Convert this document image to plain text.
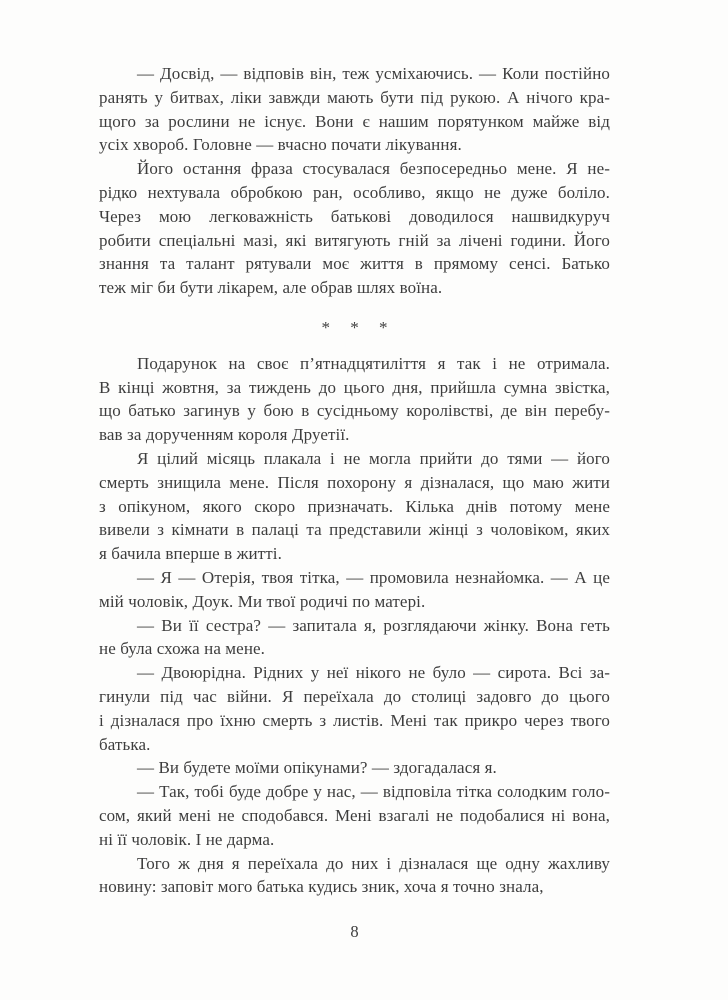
— Досвід, — відповів він, теж усміхаючись. — Коли постійно
ранять у битвах, ліки завжди мають бути під рукою. А нічого кра-
щого за рослини не існує. Вони є нашим порятунком майже від
усіх хвороб. Головне — вчасно почати лікування.
Його остання фраза стосувалася безпосередньо мене. Я не-
рідко нехтувала обробкою ран, особливо, якщо не дуже боліло.
Через мою легковажність батькові доводилося нашвидкуруч
робити спеціальні мазі, які витягують гній за лічені години. Його
знання та талант рятували моє життя в прямому сенсі. Батько
теж міг би бути лікарем, але обрав шлях воїна.
* * *
Подарунок на своє п’ятнадцятиліття я так і не отримала.
В кінці жовтня, за тиждень до цього дня, прийшла сумна звістка,
що батько загинув у бою в сусідньому королівстві, де він перебу-
вав за дорученням короля Друетії.
Я цілий місяць плакала і не могла прийти до тями — його
смерть знищила мене. Після похорону я дізналася, що маю жити
з опікуном, якого скоро призначать. Кілька днів потому мене
вивели з кімнати в палаці та представили жінці з чоловіком, яких
я бачила вперше в житті.
— Я — Отерія, твоя тітка, — промовила незнайомка. — А це
мій чоловік, Доук. Ми твої родичі по матері.
— Ви її сестра? — запитала я, розглядаючи жінку. Вона геть
не була схожа на мене.
— Двоюрідна. Рідних у неї нікого не було — сирота. Всі за-
гинули під час війни. Я переїхала до столиці задовго до цього
і дізналася про їхню смерть з листів. Мені так прикро через твого
батька.
— Ви будете моїми опікунами? — здогадалася я.
— Так, тобі буде добре у нас, — відповіла тітка солодким голо-
сом, який мені не сподобався. Мені взагалі не подобалися ні вона,
ні її чоловік. І не дарма.
Того ж дня я переїхала до них і дізналася ще одну жахливу
новину: заповіт мого батька кудись зник, хоча я точно знала,
8
